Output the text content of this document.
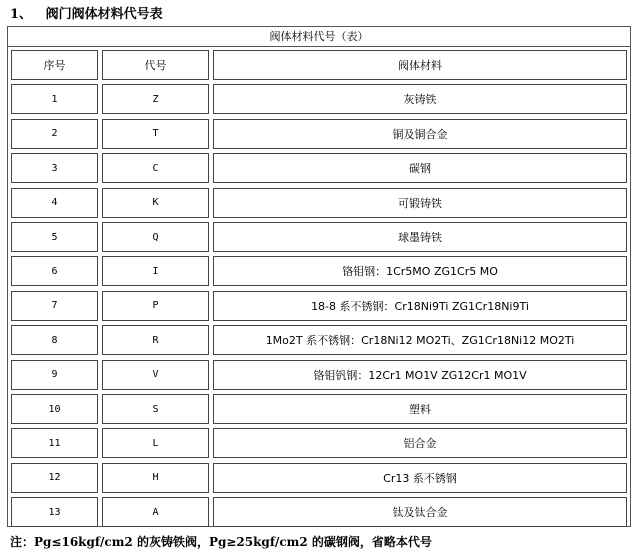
1、   阀门阀体材料代号表
阀体材料代号（表）
序号	代号	阀体材料
1	Z	灰铸铁
2	T	铜及铜合金
3	C	碳钢
4	K	可锻铸铁
5	Q	球墨铸铁
6	I	铬钼钢：1Cr5MO ZG1Cr5 MO
7	P	18-8 系不锈钢：Cr18Ni9Ti ZG1Cr18Ni9Ti
8	R	1Mo2T 系不锈钢：Cr18Ni12 MO2Ti、ZG1Cr18Ni12 MO2Ti
9	V	铬钼钒钢：12Cr1 MO1V ZG12Cr1 MO1V
10	S	塑料
11	L	铝合金
12	H	Cr13 系不锈钢
13	A	钛及钛合金
注：Pg≤16kgf/cm2 的灰铸铁阀，Pg≥25kgf/cm2 的碳钢阀，省略本代号
